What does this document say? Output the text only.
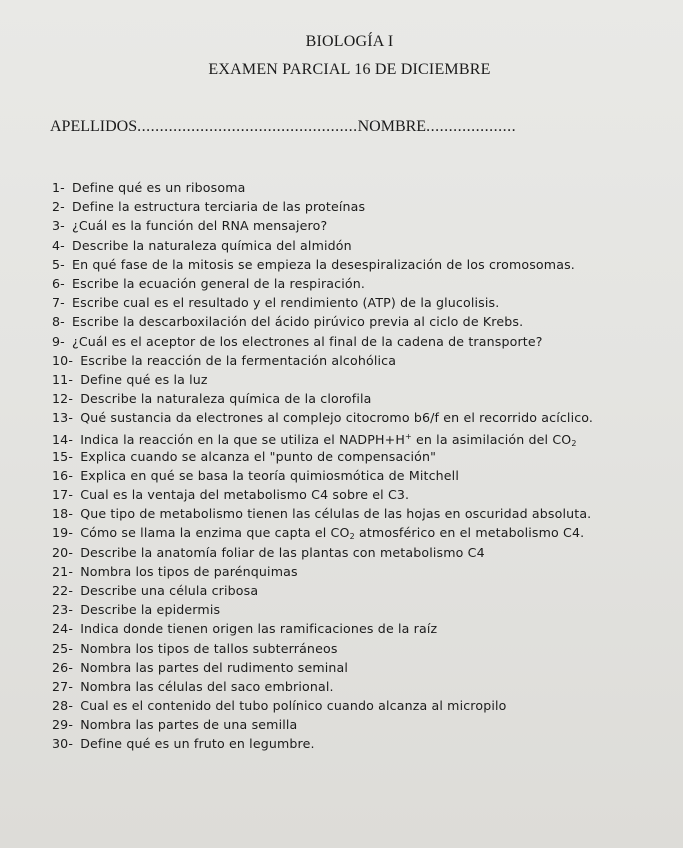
BIOLOGÍA I
EXAMEN PARCIAL 16 DE DICIEMBRE
APELLIDOS.................................................NOMBRE....................
1- Define qué es un ribosoma
2- Define la estructura terciaria de las proteínas
3- ¿Cuál es la función del RNA mensajero?
4- Describe la naturaleza química del almidón
5- En qué fase de la mitosis se empieza la desespiralización de los cromosomas.
6- Escribe la ecuación general de la respiración.
7- Escribe cual es el resultado y el rendimiento (ATP) de la glucolisis.
8- Escribe la descarboxilación del ácido pirúvico previa al ciclo de Krebs.
9- ¿Cuál es el aceptor de los electrones al final de la cadena de transporte?
10- Escribe la reacción de la fermentación alcohólica
11- Define qué es la luz
12- Describe la naturaleza química de la clorofila
13- Qué sustancia da electrones al complejo citocromo b6/f en el recorrido acíclico.
14- Indica la reacción en la que se utiliza el NADPH+H+ en la asimilación del $CO_2$
15- Explica cuando se alcanza el "punto de compensación"
16- Explica en qué se basa la teoría quimiosmótica de Mitchell
17- Cual es la ventaja del metabolismo C4 sobre el C3.
18- Que tipo de metabolismo tienen las células de las hojas en oscuridad absoluta.
19- Cómo se llama la enzima que capta el $CO_2$ atmosférico en el metabolismo C4.
20- Describe la anatomía foliar de las plantas con metabolismo C4
21- Nombra los tipos de parénquimas
22- Describe una célula cribosa
23- Describe la epidermis
24- Indica donde tienen origen las ramificaciones de la raíz
25- Nombra los tipos de tallos subterráneos
26- Nombra las partes del rudimento seminal
27- Nombra las células del saco embrional.
28- Cual es el contenido del tubo polínico cuando alcanza al micropilo
29- Nombra las partes de una semilla
30- Define qué es un fruto en legumbre.
